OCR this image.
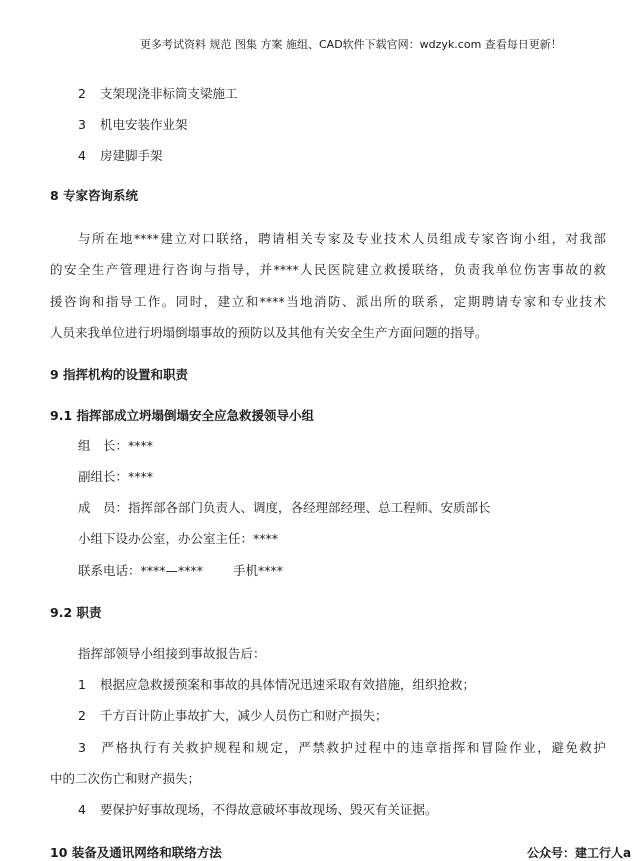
更多考试资料 规范 图集 方案 施组、CAD软件下载官网：wdzyk.com 查看每日更新！
2 支架现浇非标筒支梁施工
3 机电安装作业架
4 房建脚手架
8 专家咨询系统
与所在地****建立对口联络，聘请相关专家及专业技术人员组成专家咨询小组，对我部
的安全生产管理进行咨询与指导，并****人民医院建立救援联络，负责我单位伤害事故的救
援咨询和指导工作。同时，建立和****当地消防、派出所的联系，定期聘请专家和专业技术
人员来我单位进行坍塌倒塌事故的预防以及其他有关安全生产方面问题的指导。
9 指挥机构的设置和职责
9.1 指挥部成立坍塌倒塌安全应急救援领导小组
组　长：****
副组长：****
成　员：指挥部各部门负责人、调度，各经理部经理、总工程师、安质部长
小组下设办公室，办公室主任：****
联系电话：****—**** 手机****
9.2 职责
指挥部领导小组接到事故报告后：
1 根据应急救援预案和事故的具体情况迅速采取有效措施，组织抢救；
2 千方百计防止事故扩大，减少人员伤亡和财产损失；
3 严格执行有关救护规程和规定，严禁救护过程中的违章指挥和冒险作业，避免救护
中的二次伤亡和财产损失；
4 要保护好事故现场，不得故意破坏事故现场、毁灭有关证据。
10 装备及通讯网络和联络方法	公众号：建工行人a
